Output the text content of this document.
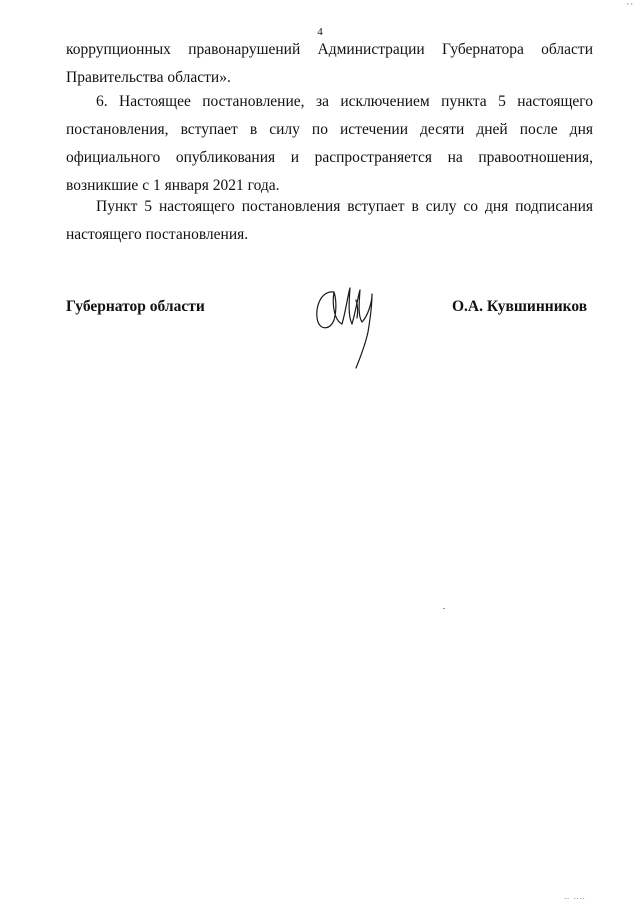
‚‚
4

коррупционных правонарушений Администрации Губернатора области Правительства области».

6. Настоящее постановление, за исключением пункта 5 настоящего постановления, вступает в силу по истечении десяти дней после дня официального опубликования и распространяется на правоотношения, возникшие с 1 января 2021 года.

Пункт 5 настоящего постановления вступает в силу со дня подписания настоящего постановления.

Губернатор области	О.А. Кувшинников
‥ ‥‥
